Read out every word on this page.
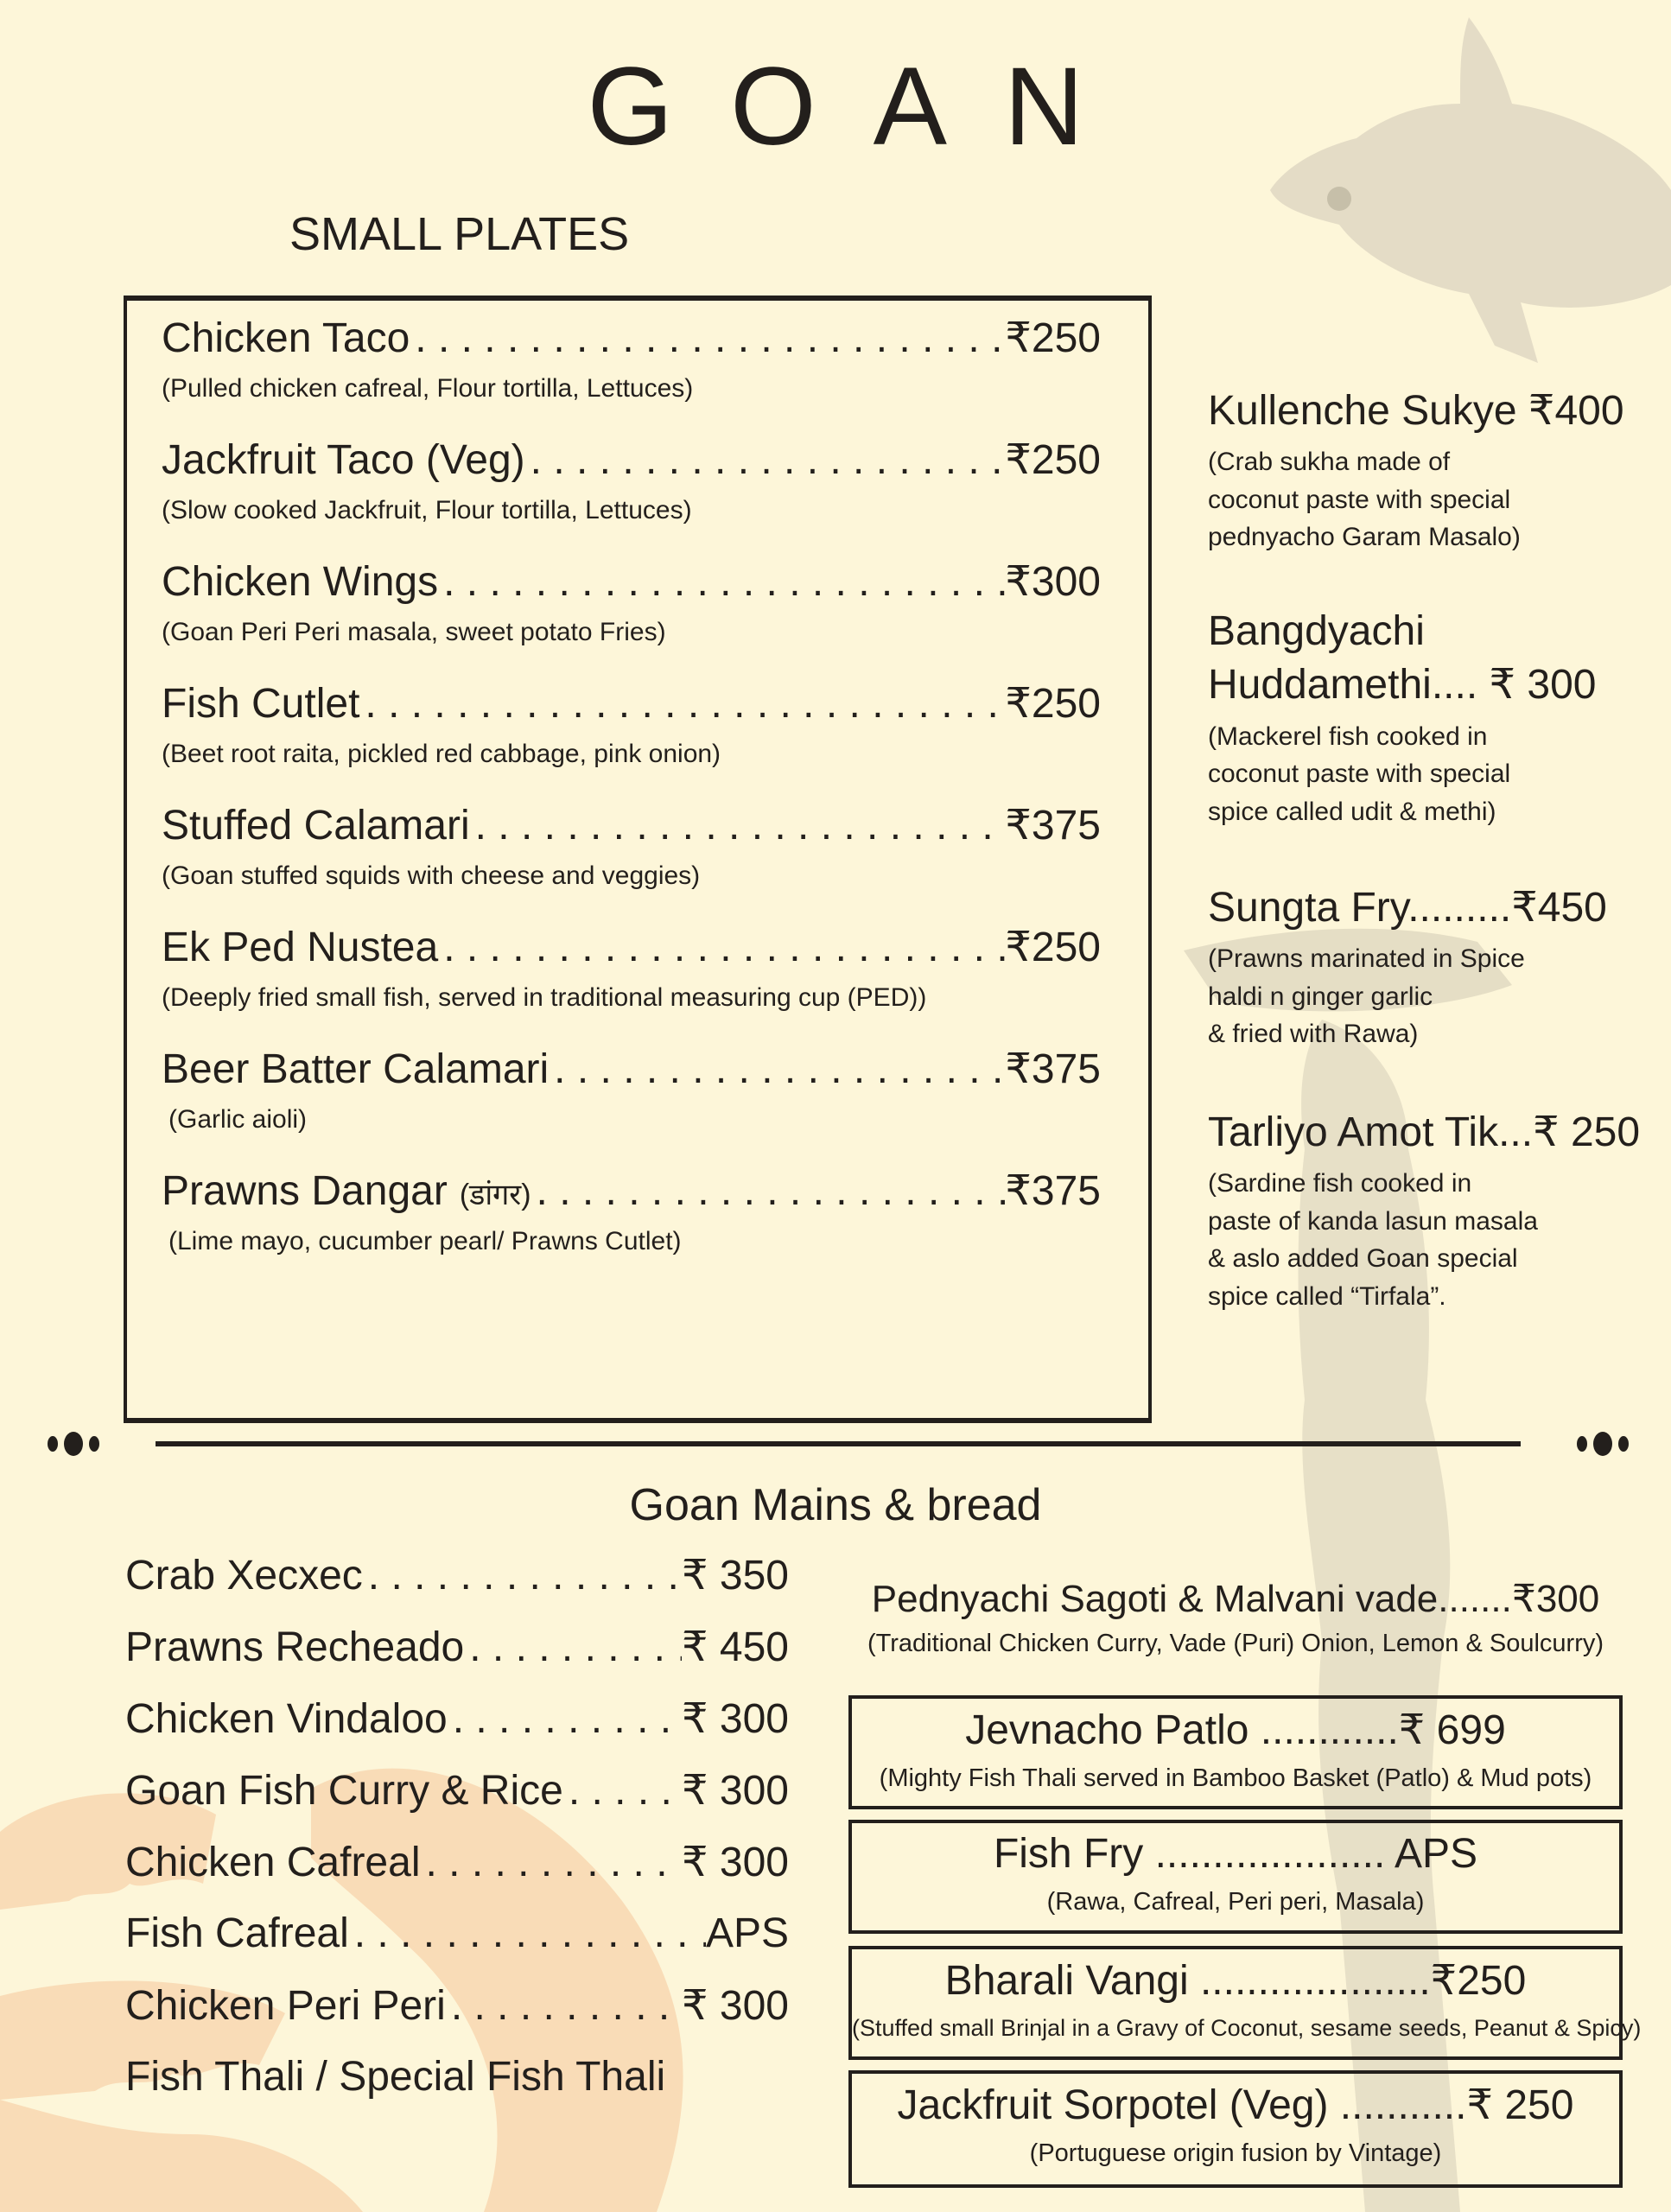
GOAN
SMALL PLATES
Chicken Taco . . .	₹250
(Pulled chicken cafreal, Flour tortilla, Lettuces)
Jackfruit Taco (Veg) . . .	₹250
(Slow cooked Jackfruit, Flour tortilla, Lettuces)
Chicken Wings . . .	₹300
(Goan Peri Peri masala, sweet potato Fries)
Fish Cutlet . . .	₹250
(Beet root raita, pickled red cabbage, pink onion)
Stuffed Calamari . . .	₹375
(Goan stuffed squids with cheese and veggies)
Ek Ped Nustea . . .	₹250
(Deeply fried small fish, served in traditional measuring cup (PED))
Beer Batter Calamari . . .	₹375
(Garlic aioli)
Prawns Dangar (डांगर) . . .	₹375
(Lime mayo, cucumber pearl/ Prawns Cutlet)
Kullenche Sukye ₹400
(Crab sukha made of
coconut paste with special
pednyacho Garam Masalo)
Bangdyachi
Huddamethi.... ₹ 300
(Mackerel fish cooked in
coconut paste with special
spice called udit & methi)
Sungta Fry.........₹450
(Prawns marinated in Spice
haldi n ginger garlic
& fried with Rawa)
Tarliyo Amot Tik...₹ 250
(Sardine fish cooked in
paste of kanda lasun masala
& aslo added Goan special
spice called “Tirfala”.
Goan Mains & bread
Crab Xecxec . . .	₹ 350
Prawns Recheado . . .	₹ 450
Chicken Vindaloo . . .	₹ 300
Goan Fish Curry & Rice . . .	₹ 300
Chicken Cafreal . . .	₹ 300
Fish Cafreal . . .	APS
Chicken Peri Peri . . .	₹ 300
Fish Thali / Special Fish Thali
Pednyachi Sagoti & Malvani vade.......₹300
(Traditional Chicken Curry, Vade (Puri) Onion, Lemon & Soulcurry)
Jevnacho Patlo ............₹ 699
(Mighty Fish Thali served in Bamboo Basket (Patlo) & Mud pots)
Fish Fry .................... APS
(Rawa, Cafreal, Peri peri, Masala)
Bharali Vangi ....................₹250
(Stuffed small Brinjal in a Gravy of Coconut, sesame seeds, Peanut & Spicy)
Jackfruit Sorpotel (Veg) ...........₹ 250
(Portuguese origin fusion by Vintage)
